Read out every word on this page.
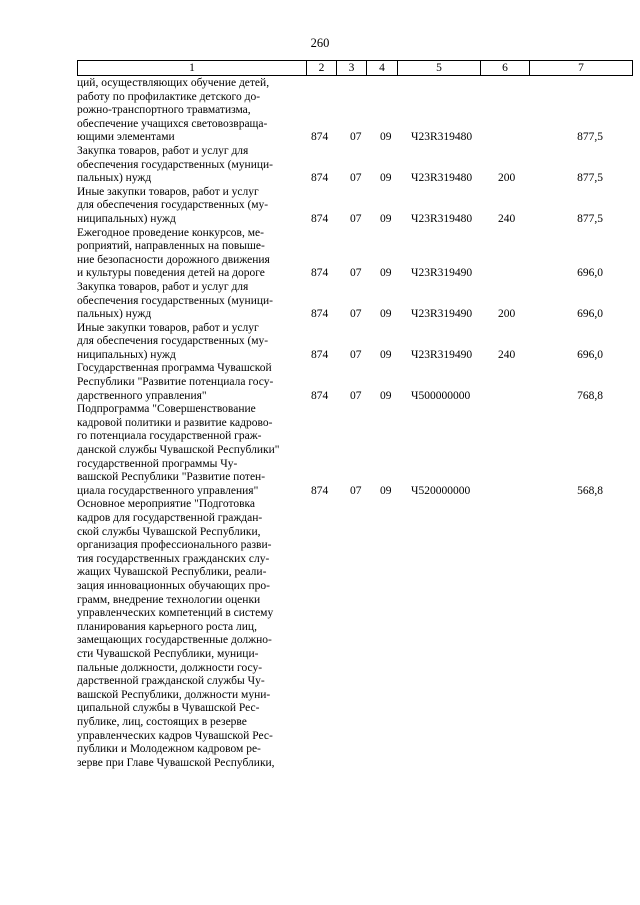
260
1	2	3	4	5	6	7
ций, осуществляющих обучение детей,
работу по профилактике детского до-
рожно-транспортного травматизма,
обеспечение учащихся световозвраща-
ющими элементами	874 07 09 Ч23R319480	877,5
Закупка товаров, работ и услуг для
обеспечения государственных (муници-
пальных) нужд	874 07 09 Ч23R319480 200	877,5
Иные закупки товаров, работ и услуг
для обеспечения государственных (му-
ниципальных) нужд	874 07 09 Ч23R319480 240	877,5
Ежегодное проведение конкурсов, ме-
роприятий, направленных на повыше-
ние безопасности дорожного движения
и культуры поведения детей на дороге	874 07 09 Ч23R319490	696,0
Закупка товаров, работ и услуг для
обеспечения государственных (муници-
пальных) нужд	874 07 09 Ч23R319490 200	696,0
Иные закупки товаров, работ и услуг
для обеспечения государственных (му-
ниципальных) нужд	874 07 09 Ч23R319490 240	696,0
Государственная программа Чувашской
Республики "Развитие потенциала госу-
дарственного управления"	874 07 09 Ч500000000	768,8
Подпрограмма "Совершенствование
кадровой политики и развитие кадрово-
го потенциала государственной граж-
данской службы Чувашской Республики"
государственной программы Чу-
вашской Республики "Развитие потен-
циала государственного управления"	874 07 09 Ч520000000	568,8
Основное мероприятие "Подготовка
кадров для государственной граждан-
ской службы Чувашской Республики,
организация профессионального разви-
тия государственных гражданских слу-
жащих Чувашской Республики, реали-
зация инновационных обучающих про-
грамм, внедрение технологии оценки
управленческих компетенций в систему
планирования карьерного роста лиц,
замещающих государственные должно-
сти Чувашской Республики, муници-
пальные должности, должности госу-
дарственной гражданской службы Чу-
вашской Республики, должности муни-
ципальной службы в Чувашской Рес-
публике, лиц, состоящих в резерве
управленческих кадров Чувашской Рес-
публики и Молодежном кадровом ре-
зерве при Главе Чувашской Республики,
